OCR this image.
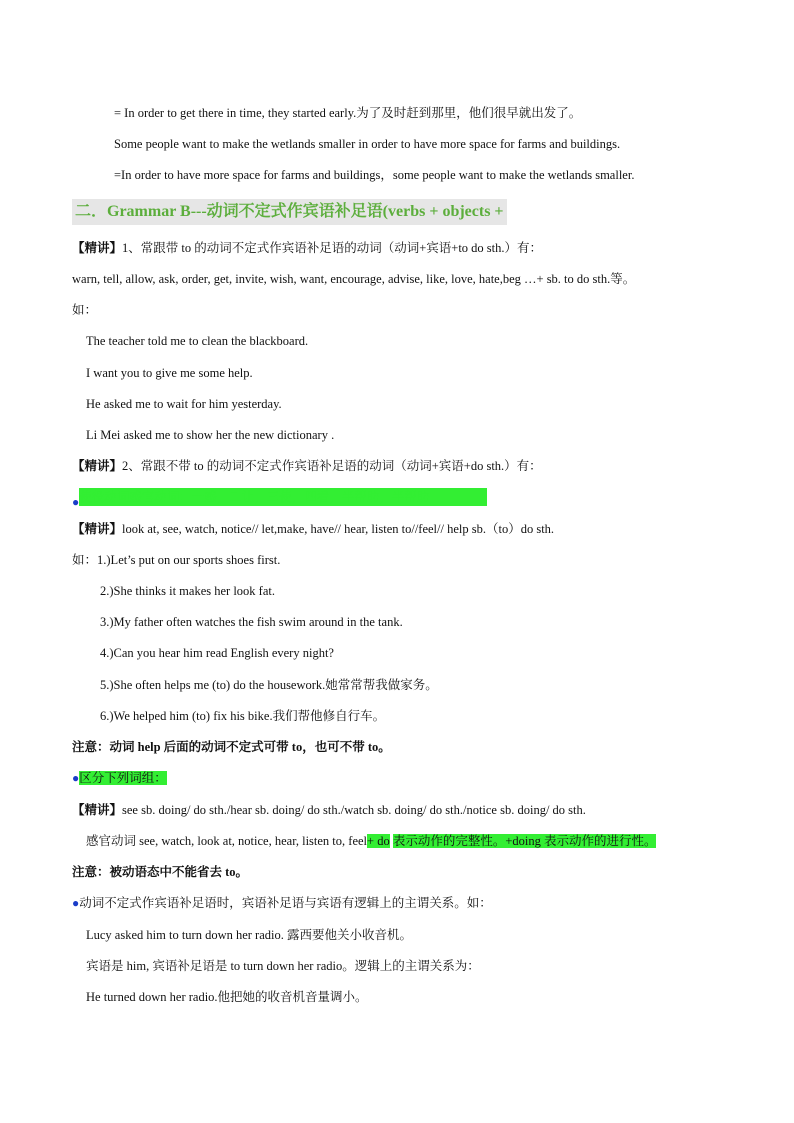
= In order to get there in time, they started early.为了及时赶到那里，他们很早就出发了。
Some people want to make the wetlands smaller in order to have more space for farms and buildings.
=In order to have more space for farms and buildings，some people want to make the wetlands smaller.
二．Grammar B---动词不定式作宾语补足语(verbs + objects +
【精讲】1、常跟带 to 的动词不定式作宾语补足语的动词（动词+宾语+to do sth.）有：
warn, tell, allow, ask, order, get, invite, wish, want, encourage, advise, like, love, hate,beg …+ sb. to do sth.等。
如：
The teacher told me to clean the blackboard.
I want you to give me some help.
He asked me to wait for him yesterday.
Li Mei asked me to show her the new dictionary .
【精讲】2、常跟不带 to 的动词不定式作宾语补足语的动词（动词+宾语+do sth.）有：
●使役动词感官动词：一感，二让，三使，四看，半帮助，半帮助
【精讲】look at, see, watch, notice// let,make, have// hear, listen to//feel// help sb.（to）do sth.
如：1.)Let’s put on our sports shoes first.
2.)She thinks it makes her look fat.
3.)My father often watches the fish swim around in the tank.
4.)Can you hear him read English every night?
5.)She often helps me (to) do the housework.她常常帮我做家务。
6.)We helped him (to) fix his bike.我们帮他修自行车。
注意：动词 help 后面的动词不定式可带 to，也可不带 to。
●区分下列词组：
【精讲】see sb. doing/ do sth./hear sb. doing/ do sth./watch sb. doing/ do sth./notice sb. doing/ do sth.
感官动词 see, watch, look at, notice, hear, listen to, feel+ do 表示动作的完整性。+doing 表示动作的进行性。
注意：被动语态中不能省去 to。
●动词不定式作宾语补足语时，宾语补足语与宾语有逻辑上的主谓关系。如：
Lucy asked him to turn down her radio. 露西要他关小收音机。
宾语是 him, 宾语补足语是 to turn down her radio。逻辑上的主谓关系为：
He turned down her radio.他把她的收音机音量调小。
